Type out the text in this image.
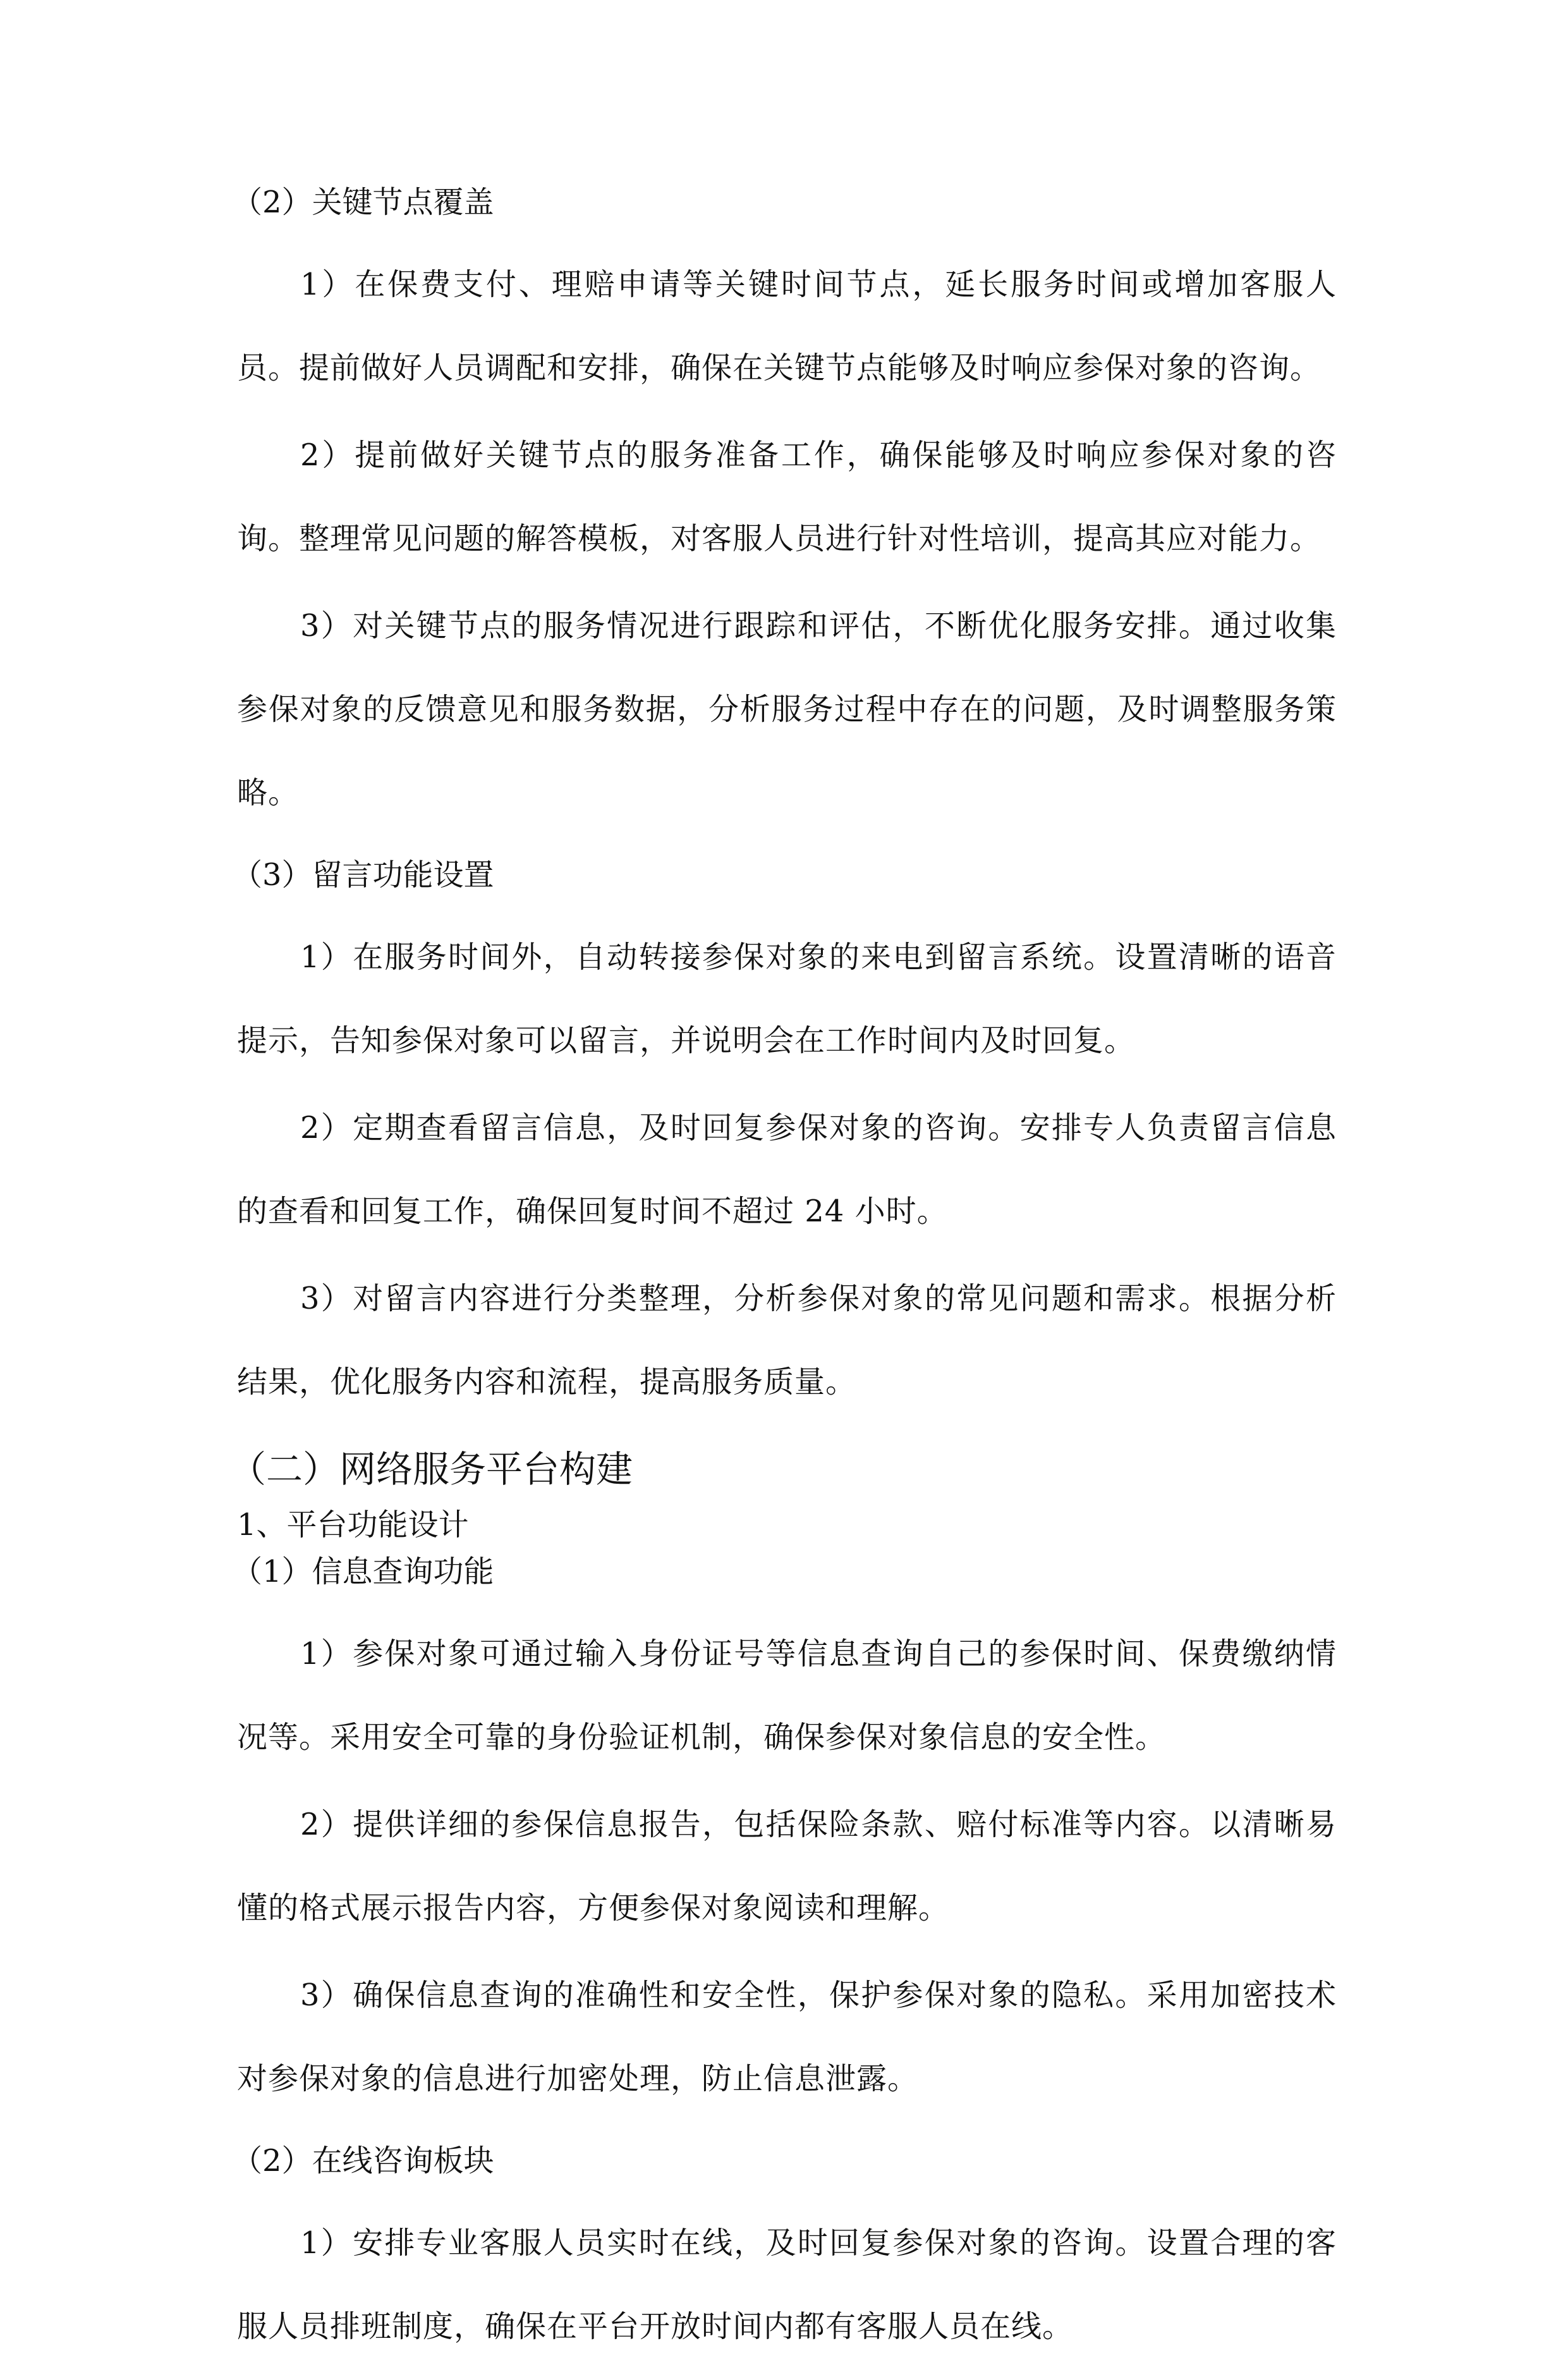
（2）关键节点覆盖

1）在保费支付、理赔申请等关键时间节点，延长服务时间或增加客服人员。提前做好人员调配和安排，确保在关键节点能够及时响应参保对象的咨询。

2）提前做好关键节点的服务准备工作，确保能够及时响应参保对象的咨询。整理常见问题的解答模板，对客服人员进行针对性培训，提高其应对能力。

3）对关键节点的服务情况进行跟踪和评估，不断优化服务安排。通过收集参保对象的反馈意见和服务数据，分析服务过程中存在的问题，及时调整服务策略。

（3）留言功能设置

1）在服务时间外，自动转接参保对象的来电到留言系统。设置清晰的语音提示，告知参保对象可以留言，并说明会在工作时间内及时回复。

2）定期查看留言信息，及时回复参保对象的咨询。安排专人负责留言信息的查看和回复工作，确保回复时间不超过 24 小时。

3）对留言内容进行分类整理，分析参保对象的常见问题和需求。根据分析结果，优化服务内容和流程，提高服务质量。

（二）网络服务平台构建
1、平台功能设计
（1）信息查询功能

1）参保对象可通过输入身份证号等信息查询自己的参保时间、保费缴纳情况等。采用安全可靠的身份验证机制，确保参保对象信息的安全性。

2）提供详细的参保信息报告，包括保险条款、赔付标准等内容。以清晰易懂的格式展示报告内容，方便参保对象阅读和理解。

3）确保信息查询的准确性和安全性，保护参保对象的隐私。采用加密技术对参保对象的信息进行加密处理，防止信息泄露。

（2）在线咨询板块

1）安排专业客服人员实时在线，及时回复参保对象的咨询。设置合理的客服人员排班制度，确保在平台开放时间内都有客服人员在线。
